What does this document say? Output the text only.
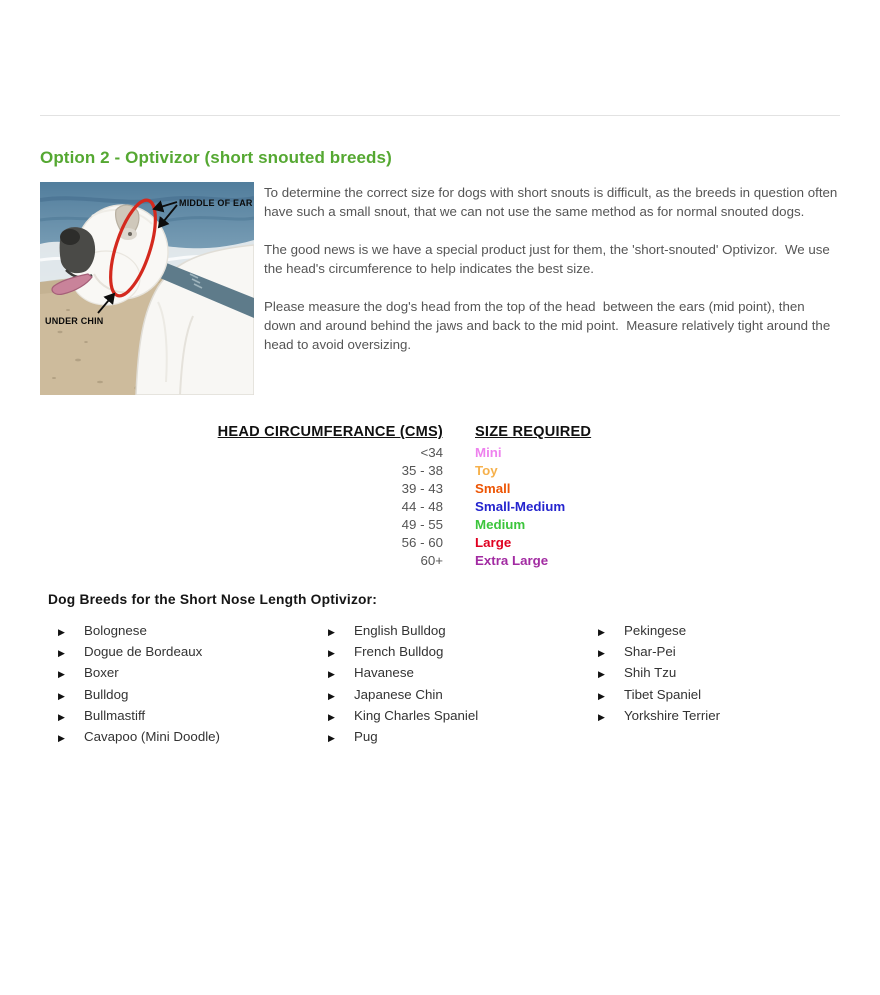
Option 2 - Optivizor (short snouted breeds)
MIDDLE OF EAR
UNDER CHIN

To determine the correct size for dogs with short snouts is difficult, as the breeds in question often have such a small snout, that we can not use the same method as for normal snouted dogs.

The good news is we have a special product just for them, the 'short-snouted' Optivizor.  We use the head's circumference to help indicates the best size.

Please measure the dog's head from the top of the head  between the ears (mid point), then down and around behind the jaws and back to the mid point.  Measure relatively tight around the head to avoid oversizing.

HEAD CIRCUMFERANCE (CMS) SIZE REQUIRED
<34 Mini
35 - 38 Toy
39 - 43 Small
44 - 48 Small-Medium
49 - 55 Medium
56 - 60 Large
60+ Extra Large
Dog Breeds for the Short Nose Length Optivizor:
▶ Bolognese
▶ Dogue de Bordeaux
▶ Boxer
▶ Bulldog
▶ Bullmastiff
▶ Cavapoo (Mini Doodle)
▶ English Bulldog
▶ French Bulldog
▶ Havanese
▶ Japanese Chin
▶ King Charles Spaniel
▶ Pug
▶ Pekingese
▶ Shar-Pei
▶ Shih Tzu
▶ Tibet Spaniel
▶ Yorkshire Terrier
